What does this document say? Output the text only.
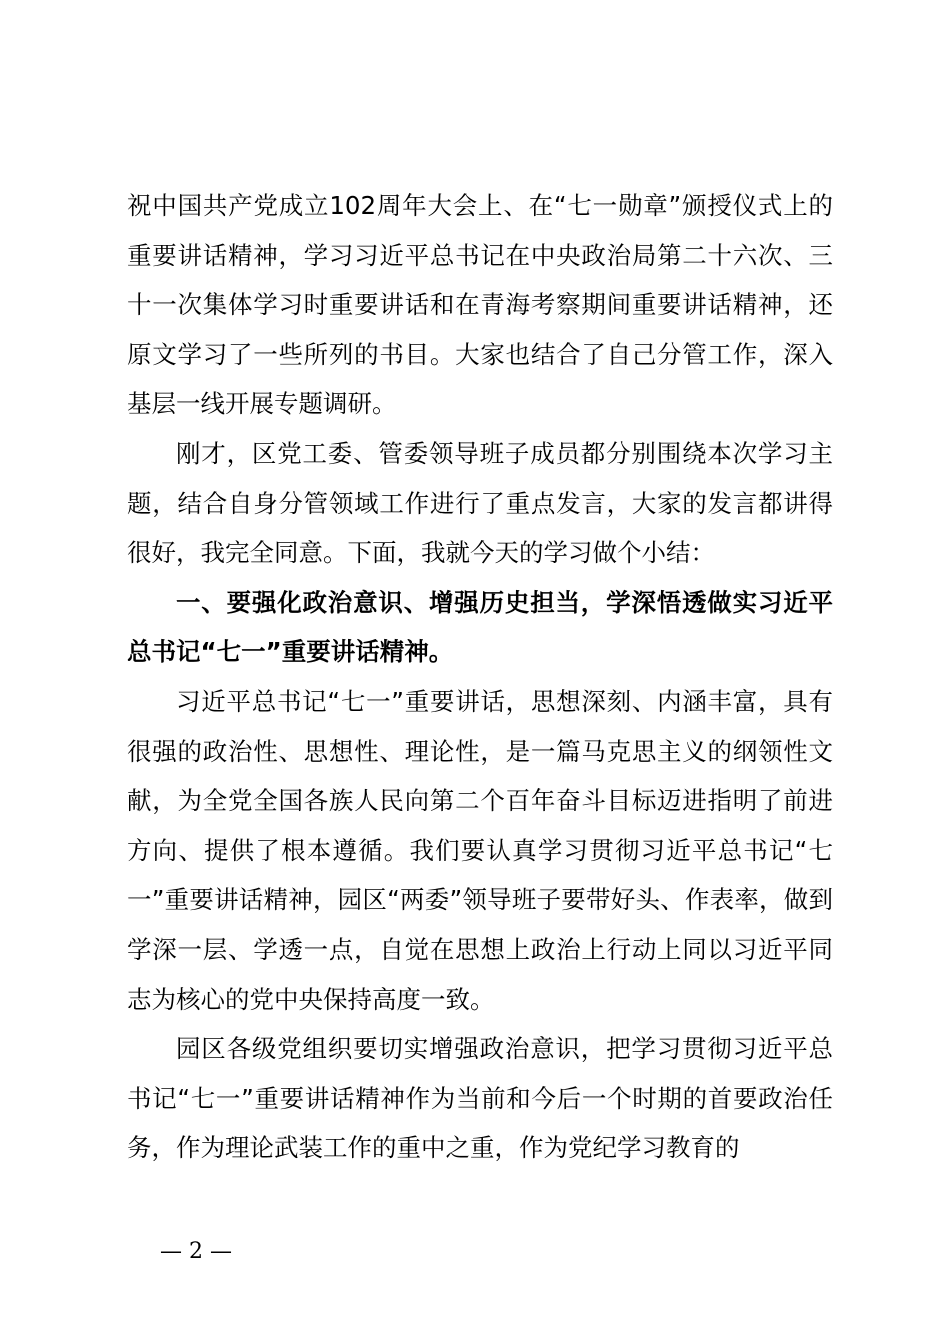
祝中国共产党成立102周年大会上、在“七一勋章”颁授仪式上的重要讲话精神，学习习近平总书记在中央政治局第二十六次、三十一次集体学习时重要讲话和在青海考察期间重要讲话精神，还原文学习了一些所列的书目。大家也结合了自己分管工作，深入基层一线开展专题调研。

刚才，区党工委、管委领导班子成员都分别围绕本次学习主题，结合自身分管领域工作进行了重点发言，大家的发言都讲得很好，我完全同意。下面，我就今天的学习做个小结：

一、要强化政治意识、增强历史担当，学深悟透做实习近平总书记“七一”重要讲话精神。

习近平总书记“七一”重要讲话，思想深刻、内涵丰富，具有很强的政治性、思想性、理论性，是一篇马克思主义的纲领性文献，为全党全国各族人民向第二个百年奋斗目标迈进指明了前进方向、提供了根本遵循。我们要认真学习贯彻习近平总书记“七一”重要讲话精神，园区“两委”领导班子要带好头、作表率，做到学深一层、学透一点，自觉在思想上政治上行动上同以习近平同志为核心的党中央保持高度一致。

园区各级党组织要切实增强政治意识，把学习贯彻习近平总书记“七一”重要讲话精神作为当前和今后一个时期的首要政治任务，作为理论武装工作的重中之重，作为党纪学习教育的

— 2 —
